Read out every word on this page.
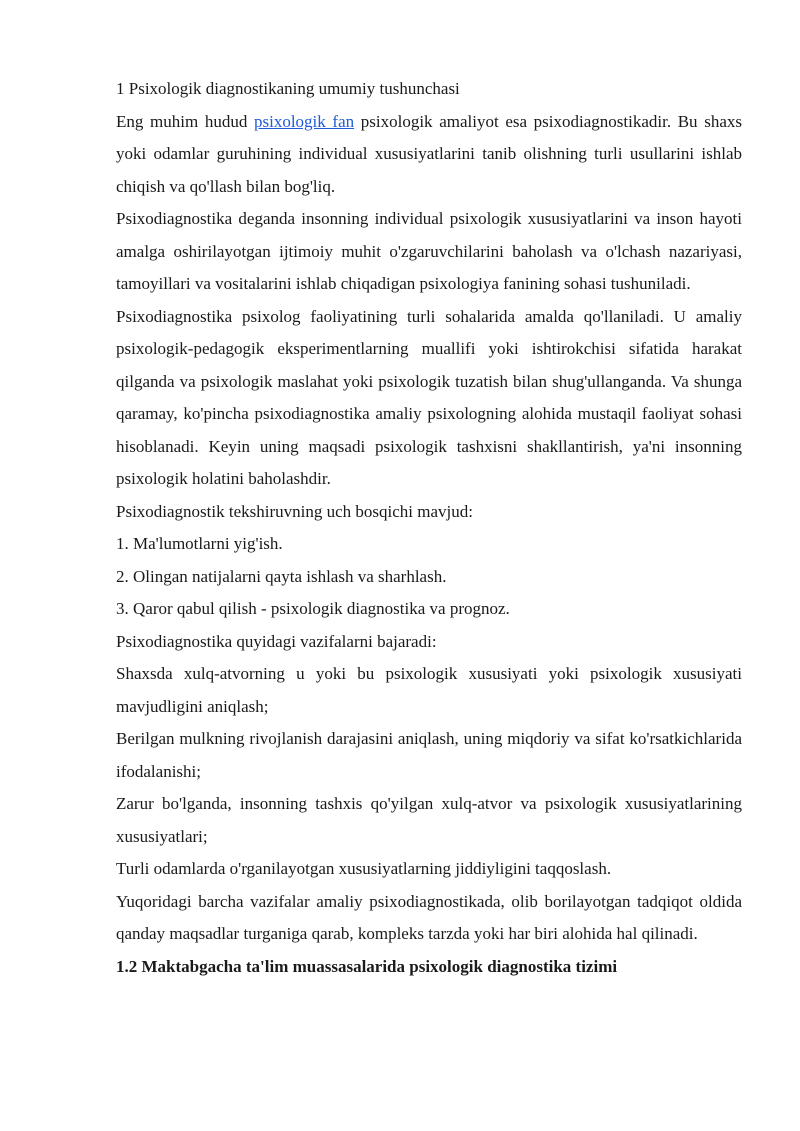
1 Psixologik diagnostikaning umumiy tushunchasi

Eng muhim hudud psixologik fan psixologik amaliyot esa psixodiagnostikadir. Bu shaxs yoki odamlar guruhining individual xususiyatlarini tanib olishning turli usullarini ishlab chiqish va qo'llash bilan bog'liq.

Psixodiagnostika deganda insonning individual psixologik xususiyatlarini va inson hayoti amalga oshirilayotgan ijtimoiy muhit o'zgaruvchilarini baholash va o'lchash nazariyasi, tamoyillari va vositalarini ishlab chiqadigan psixologiya fanining sohasi tushuniladi.

Psixodiagnostika psixolog faoliyatining turli sohalarida amalda qo'llaniladi. U amaliy psixologik-pedagogik eksperimentlarning muallifi yoki ishtirokchisi sifatida harakat qilganda va psixologik maslahat yoki psixologik tuzatish bilan shug'ullanganda. Va shunga qaramay, ko'pincha psixodiagnostika amaliy psixologning alohida mustaqil faoliyat sohasi hisoblanadi. Keyin uning maqsadi psixologik tashxisni shakllantirish, ya'ni insonning psixologik holatini baholashdir.

Psixodiagnostik tekshiruvning uch bosqichi mavjud:

1. Ma'lumotlarni yig'ish.

2. Olingan natijalarni qayta ishlash va sharhlash.

3. Qaror qabul qilish - psixologik diagnostika va prognoz.

Psixodiagnostika quyidagi vazifalarni bajaradi:

Shaxsda xulq-atvorning u yoki bu psixologik xususiyati yoki psixologik xususiyati mavjudligini aniqlash;

Berilgan mulkning rivojlanish darajasini aniqlash, uning miqdoriy va sifat ko'rsatkichlarida ifodalanishi;

Zarur bo'lganda, insonning tashxis qo'yilgan xulq-atvor va psixologik xususiyatlarining xususiyatlari;

Turli odamlarda o'rganilayotgan xususiyatlarning jiddiyligini taqqoslash.

Yuqoridagi barcha vazifalar amaliy psixodiagnostikada, olib borilayotgan tadqiqot oldida qanday maqsadlar turganiga qarab, kompleks tarzda yoki har biri alohida hal qilinadi.

1.2 Maktabgacha ta'lim muassasalarida psixologik diagnostika tizimi
